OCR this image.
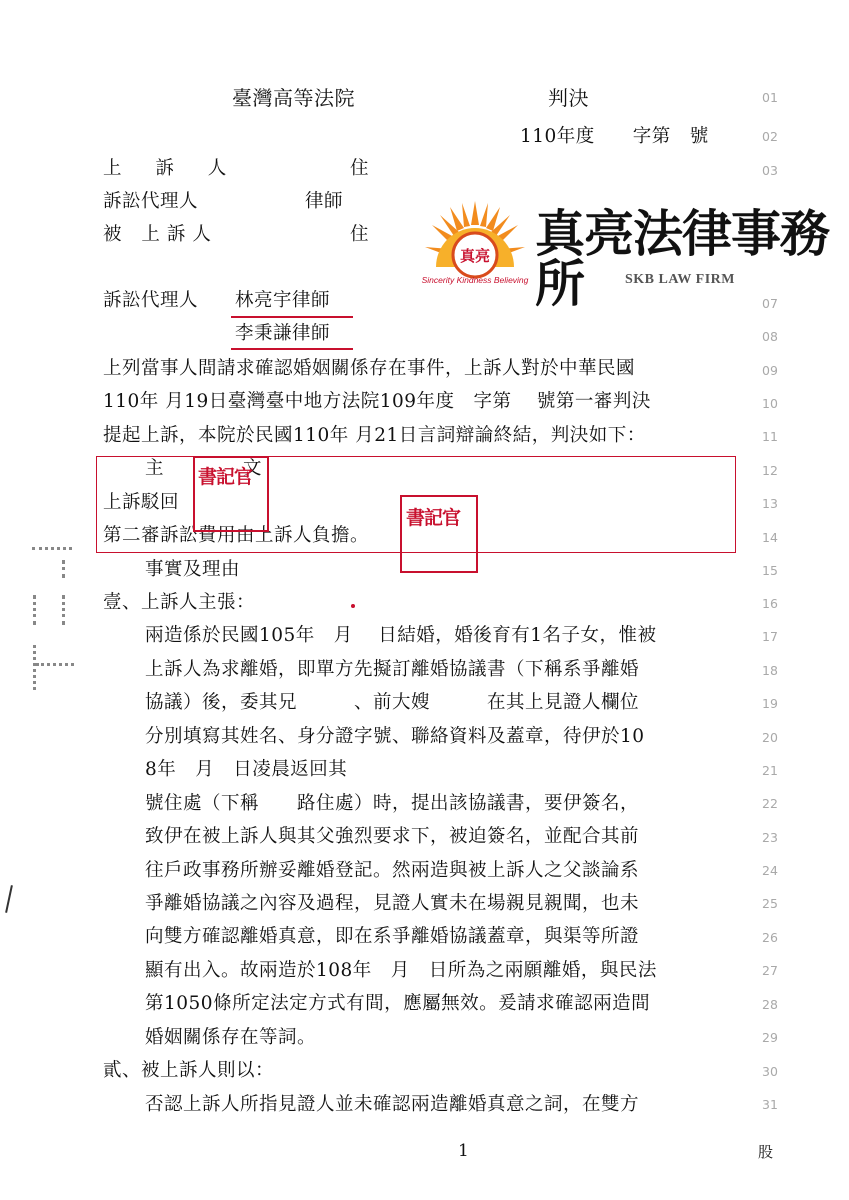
臺灣高等法院	判決
110年度　　字第　號
上 訴 人	住
訴訟代理人	律師
被 上訴人	住
訴訟代理人 林亮宇律師
李秉謙律師
真亮
Sincerity Kindness Believing
真亮法律事務所	SKB LAW FIRM
上列當事人間請求確認婚姻關係存在事件，上訴人對於中華民國
110年 月19日臺灣臺中地方法院109年度　字第　 號第一審判決
提起上訴，本院於民國110年 月21日言詞辯論終結，判決如下：
主	文
上訴駁回
第二審訴訟費用由上訴人負擔。
書記官
書記官
事實及理由
壹、上訴人主張：
兩造係於民國105年　月　 日結婚，婚後育有1名子女，惟被
上訴人為求離婚，即單方先擬訂離婚協議書（下稱系爭離婚
協議）後，委其兄　　　、前大嫂　　　在其上見證人欄位
分別填寫其姓名、身分證字號、聯絡資料及蓋章，待伊於10
8年　月　日凌晨返回其
號住處（下稱　　路住處）時，提出該協議書，要伊簽名，
致伊在被上訴人與其父強烈要求下，被迫簽名，並配合其前
往戶政事務所辦妥離婚登記。然兩造與被上訴人之父談論系
爭離婚協議之內容及過程，見證人實未在場親見親聞，也未
向雙方確認離婚真意，即在系爭離婚協議蓋章，與渠等所證
顯有出入。故兩造於108年　月　日所為之兩願離婚，與民法
第1050條所定法定方式有間，應屬無效。爰請求確認兩造間
婚姻關係存在等詞。
貳、被上訴人則以：
否認上訴人所指見證人並未確認兩造離婚真意之詞，在雙方
01
02
03
07
08
09
10
11
12
13
14
15
16
17
18
19
20
21
22
23
24
25
26
27
28
29
30
31
1	股
